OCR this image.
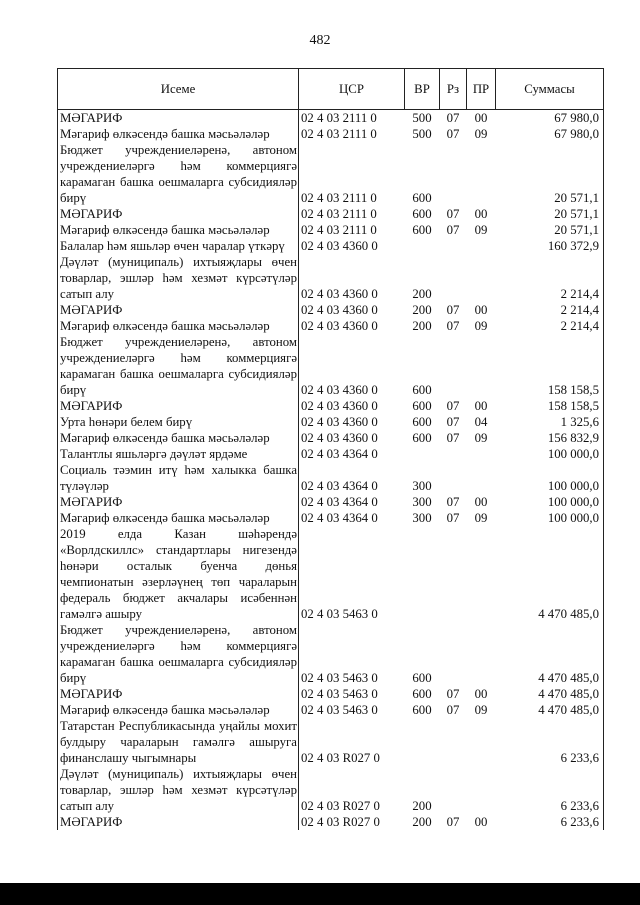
482
Исеме	ЦСР	ВР	Рз	ПР	Суммасы
МӘГАРИФ	02 4 03 2111 0	500	07	00	67 980,0
Мәгариф өлкәсендә башка мәсьәләләр	02 4 03 2111 0	500	07	09	67 980,0
Бюджет учреждениеләренә, автоном учреждениеләргә һәм коммерциягә карамаган башка оешмаларга субсидияләр бирү	02 4 03 2111 0	600			20 571,1
МӘГАРИФ	02 4 03 2111 0	600	07	00	20 571,1
Мәгариф өлкәсендә башка мәсьәләләр	02 4 03 2111 0	600	07	09	20 571,1
Балалар һәм яшьләр өчен чаралар үткәрү	02 4 03 4360 0				160 372,9
Дәүләт (муниципаль) ихтыяҗлары өчен товарлар, эшләр һәм хезмәт күрсәтүләр сатып алу	02 4 03 4360 0	200			2 214,4
МӘГАРИФ	02 4 03 4360 0	200	07	00	2 214,4
Мәгариф өлкәсендә башка мәсьәләләр	02 4 03 4360 0	200	07	09	2 214,4
Бюджет учреждениеләренә, автоном учреждениеләргә һәм коммерциягә карамаган башка оешмаларга субсидияләр бирү	02 4 03 4360 0	600			158 158,5
МӘГАРИФ	02 4 03 4360 0	600	07	00	158 158,5
Урта һөнәри белем бирү	02 4 03 4360 0	600	07	04	1 325,6
Мәгариф өлкәсендә башка мәсьәләләр	02 4 03 4360 0	600	07	09	156 832,9
Талантлы яшьләргә дәүләт ярдәме	02 4 03 4364 0				100 000,0
Социаль тәэмин итү һәм халыкка башка түләүләр	02 4 03 4364 0	300			100 000,0
МӘГАРИФ	02 4 03 4364 0	300	07	00	100 000,0
Мәгариф өлкәсендә башка мәсьәләләр	02 4 03 4364 0	300	07	09	100 000,0
2019 елда Казан шәһәрендә «Ворлдскиллс» стандартлары нигезендә һөнәри осталык буенча дөнья чемпионатын әзерләүнең төп чараларын федераль бюджет акчалары исәбеннән гамәлгә ашыру	02 4 03 5463 0				4 470 485,0
Бюджет учреждениеләренә, автоном учреждениеләргә һәм коммерциягә карамаган башка оешмаларга субсидияләр бирү	02 4 03 5463 0	600			4 470 485,0
МӘГАРИФ	02 4 03 5463 0	600	07	00	4 470 485,0
Мәгариф өлкәсендә башка мәсьәләләр	02 4 03 5463 0	600	07	09	4 470 485,0
Татарстан Республикасында уңайлы мохит булдыру чараларын гамәлгә ашыруга финанслашу чыгымнары	02 4 03 R027 0				6 233,6
Дәүләт (муниципаль) ихтыяҗлары өчен товарлар, эшләр һәм хезмәт күрсәтүләр сатып алу	02 4 03 R027 0	200			6 233,6
МӘГАРИФ	02 4 03 R027 0	200	07	00	6 233,6
